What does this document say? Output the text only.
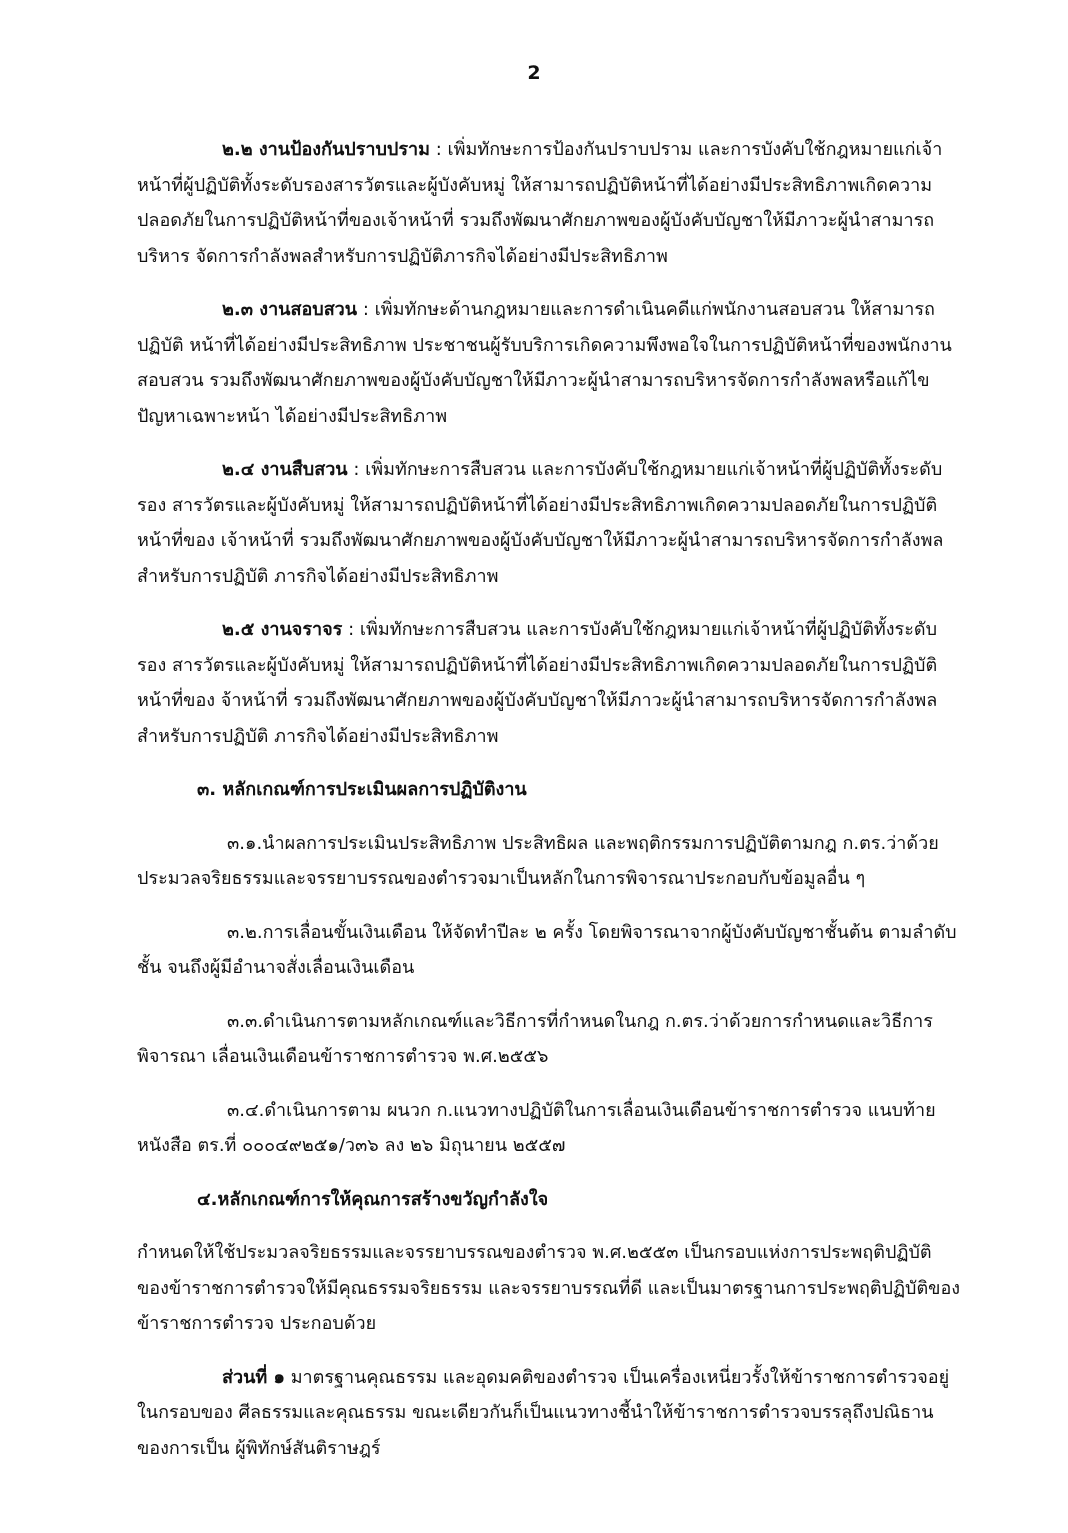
2

๒.๒ งานป้องกันปราบปราม : เพิ่มทักษะการป้องกันปราบปราม และการบังคับใช้กฎหมายแก่เจ้าหน้าที่ผู้ปฏิบัติทั้งระดับรองสารวัตรและผู้บังคับหมู่ ให้สามารถปฏิบัติหน้าที่ได้อย่างมีประสิทธิภาพเกิดความปลอดภัยในการปฏิบัติหน้าที่ของเจ้าหน้าที่ รวมถึงพัฒนาศักยภาพของผู้บังคับบัญชาให้มีภาวะผู้นำสามารถบริหาร จัดการกำลังพลสำหรับการปฏิบัติภารกิจได้อย่างมีประสิทธิภาพ

๒.๓ งานสอบสวน : เพิ่มทักษะด้านกฎหมายและการดำเนินคดีแก่พนักงานสอบสวน ให้สามารถปฏิบัติ หน้าที่ได้อย่างมีประสิทธิภาพ ประชาชนผู้รับบริการเกิดความพึงพอใจในการปฏิบัติหน้าที่ของพนักงานสอบสวน รวมถึงพัฒนาศักยภาพของผู้บังคับบัญชาให้มีภาวะผู้นำสามารถบริหารจัดการกำลังพลหรือแก้ไขปัญหาเฉพาะหน้า ได้อย่างมีประสิทธิภาพ

๒.๔ งานสืบสวน : เพิ่มทักษะการสืบสวน และการบังคับใช้กฎหมายแก่เจ้าหน้าที่ผู้ปฏิบัติทั้งระดับรอง สารวัตรและผู้บังคับหมู่ ให้สามารถปฏิบัติหน้าที่ได้อย่างมีประสิทธิภาพเกิดความปลอดภัยในการปฏิบัติหน้าที่ของ เจ้าหน้าที่ รวมถึงพัฒนาศักยภาพของผู้บังคับบัญชาให้มีภาวะผู้นำสามารถบริหารจัดการกำลังพลสำหรับการปฏิบัติ ภารกิจได้อย่างมีประสิทธิภาพ

๒.๕ งานจราจร : เพิ่มทักษะการสืบสวน และการบังคับใช้กฎหมายแก่เจ้าหน้าที่ผู้ปฏิบัติทั้งระดับรอง สารวัตรและผู้บังคับหมู่ ให้สามารถปฏิบัติหน้าที่ได้อย่างมีประสิทธิภาพเกิดความปลอดภัยในการปฏิบัติหน้าที่ของ จ้าหน้าที่ รวมถึงพัฒนาศักยภาพของผู้บังคับบัญชาให้มีภาวะผู้นำสามารถบริหารจัดการกำลังพลสำหรับการปฏิบัติ ภารกิจได้อย่างมีประสิทธิภาพ

๓. หลักเกณฑ์การประเมินผลการปฏิบัติงาน

๓.๑.นำผลการประเมินประสิทธิภาพ ประสิทธิผล และพฤติกรรมการปฏิบัติตามกฎ ก.ตร.ว่าด้วยประมวลจริยธรรมและจรรยาบรรณของตำรวจมาเป็นหลักในการพิจารณาประกอบกับข้อมูลอื่น ๆ

๓.๒.การเลื่อนขั้นเงินเดือน ให้จัดทำปีละ ๒ ครั้ง โดยพิจารณาจากผู้บังคับบัญชาชั้นต้น ตามลำดับชั้น จนถึงผู้มีอำนาจสั่งเลื่อนเงินเดือน

๓.๓.ดำเนินการตามหลักเกณฑ์และวิธีการที่กำหนดในกฎ ก.ตร.ว่าด้วยการกำหนดและวิธีการพิจารณา เลื่อนเงินเดือนข้าราชการตำรวจ พ.ศ.๒๕๕๖

๓.๔.ดำเนินการตาม ผนวก ก.แนวทางปฏิบัติในการเลื่อนเงินเดือนข้าราชการตำรวจ แนบท้ายหนังสือ ตร.ที่ ๐๐๐๔๙๒๕๑/ว๓๖ ลง ๒๖ มิถุนายน ๒๕๕๗

๔.หลักเกณฑ์การให้คุณการสร้างขวัญกำลังใจ

กำหนดให้ใช้ประมวลจริยธรรมและจรรยาบรรณของตำรวจ พ.ศ.๒๕๕๓ เป็นกรอบแห่งการประพฤติปฏิบัติของข้าราชการตำรวจให้มีคุณธรรมจริยธรรม และจรรยาบรรณที่ดี และเป็นมาตรฐานการประพฤติปฏิบัติของข้าราชการตำรวจ ประกอบด้วย

ส่วนที่ ๑ มาตรฐานคุณธรรม และอุดมคติของตำรวจ เป็นเครื่องเหนี่ยวรั้งให้ข้าราชการตำรวจอยู่ในกรอบของ ศีลธรรมและคุณธรรม ขณะเดียวกันก็เป็นแนวทางชี้นำให้ข้าราชการตำรวจบรรลุถึงปณิธานของการเป็น ผู้พิทักษ์สันติราษฎร์
